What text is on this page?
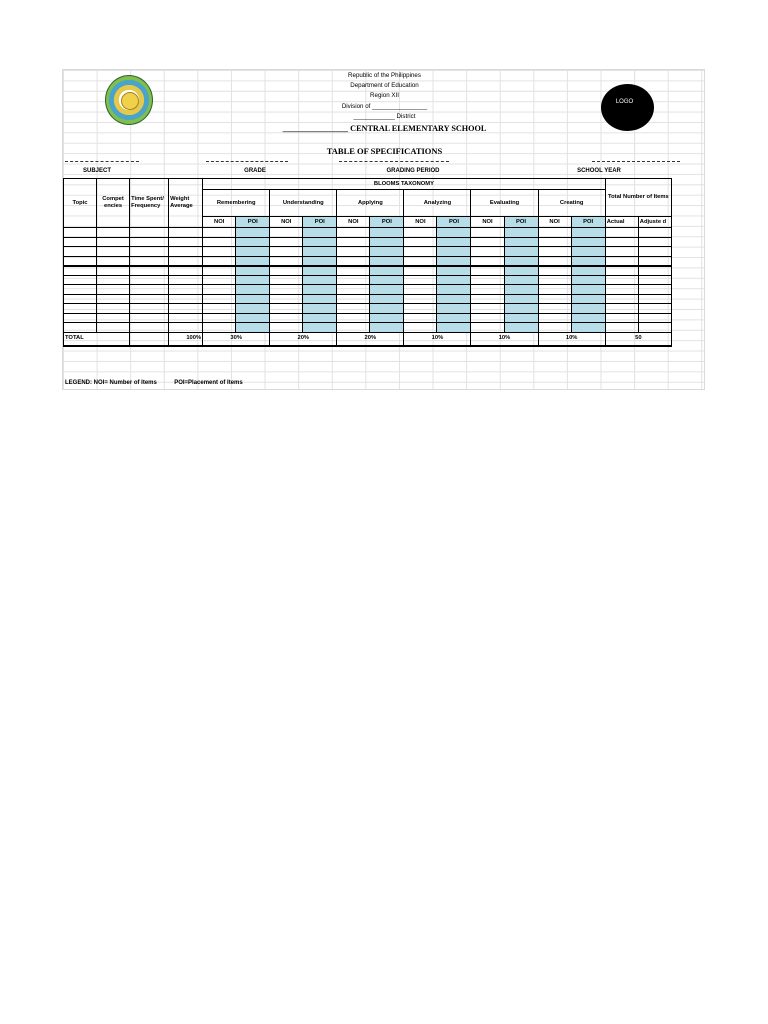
LOGO
Republic of the Philippines
Department of Education
Region XII
Division of ________________
____________ District
________________ CENTRAL ELEMENTARY SCHOOL
TABLE OF SPECIFICATIONS
SUBJECT	GRADE	GRADING PERIOD	SCHOOL YEAR
Topic	Compet encies	Time Spent/ Frequency	Weight Average	BLOOMS TAXONOMY												Total Number of Items	
				Remembering		Understanding		Applying		Analyzing		Evaluating		Creating			
				NOI	POI	NOI	POI	NOI	POI	NOI	POI	NOI	POI	NOI	POI	Actual	Adjuste d

TOTAL			100%	30%		20%		20%		10%		10%		10%		50	
LEGEND: NOI= Number of Items	POI=Placement of Items
